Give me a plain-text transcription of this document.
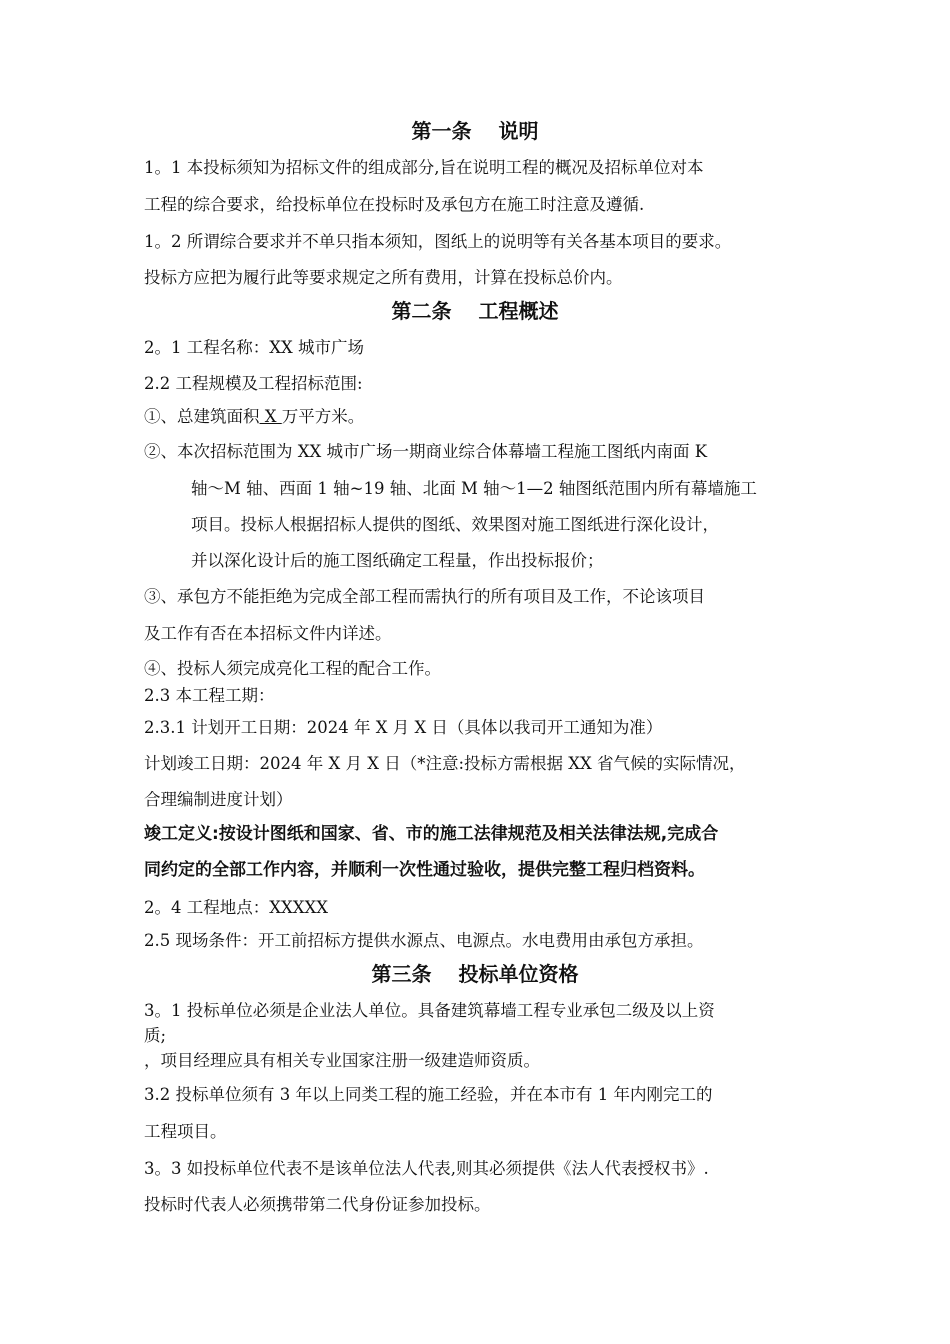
第一条　 说明
1。1 本投标须知为招标文件的组成部分,旨在说明工程的概况及招标单位对本
工程的综合要求，给投标单位在投标时及承包方在施工时注意及遵循.
1。2 所谓综合要求并不单只指本须知，图纸上的说明等有关各基本项目的要求。
投标方应把为履行此等要求规定之所有费用，计算在投标总价内。
第二条　 工程概述
2。1 工程名称：XX 城市广场
2.2 工程规模及工程招标范围:
①、总建筑面积 X 万平方米。
②、本次招标范围为 XX 城市广场一期商业综合体幕墙工程施工图纸内南面 K
轴～M 轴、西面 1 轴~19 轴、北面 M 轴～1—2 轴图纸范围内所有幕墙施工
项目。投标人根据招标人提供的图纸、效果图对施工图纸进行深化设计，
并以深化设计后的施工图纸确定工程量，作出投标报价；
③、承包方不能拒绝为完成全部工程而需执行的所有项目及工作，不论该项目
及工作有否在本招标文件内详述。
④、投标人须完成亮化工程的配合工作。
2.3 本工程工期：
2.3.1 计划开工日期：2024 年 X 月 X 日（具体以我司开工通知为准）
计划竣工日期：2024 年 X 月 X 日（*注意:投标方需根据 XX 省气候的实际情况，
合理编制进度计划）
竣工定义:按设计图纸和国家、省、市的施工法律规范及相关法律法规,完成合
同约定的全部工作内容，并顺利一次性通过验收，提供完整工程归档资料。
2。4 工程地点：XXXXX
2.5 现场条件：开工前招标方提供水源点、电源点。水电费用由承包方承担。
第三条　 投标单位资格
3。1 投标单位必须是企业法人单位。具备建筑幕墙工程专业承包二级及以上资
质;
，项目经理应具有相关专业国家注册一级建造师资质。
3.2 投标单位须有 3 年以上同类工程的施工经验，并在本市有 1 年内刚完工的
工程项目。
3。3 如投标单位代表不是该单位法人代表,则其必须提供《法人代表授权书》.
投标时代表人必须携带第二代身份证参加投标。
